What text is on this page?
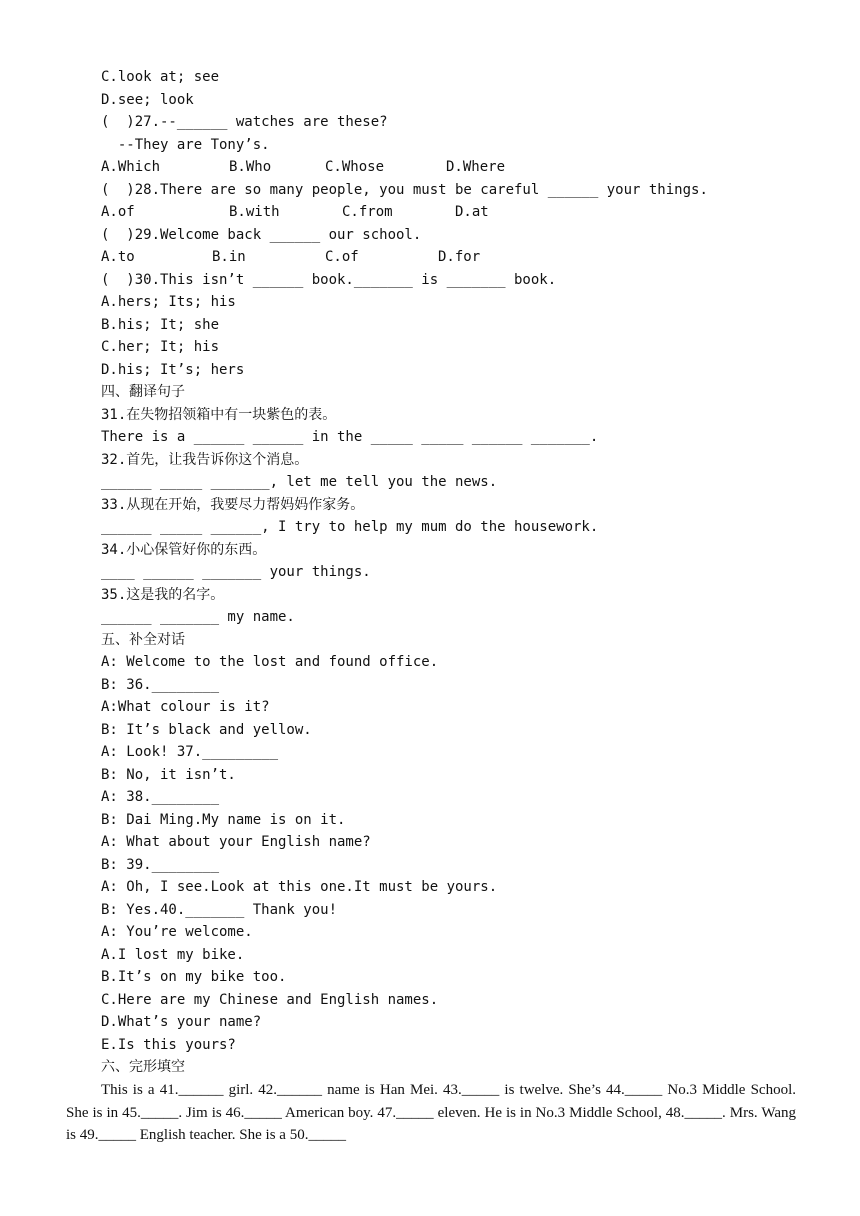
C.look at; see
D.see; look
(  )27.--______ watches are these?
--They are Tony’s.
(  )28.There are so many people, you must be careful ______ your things.
(  )29.Welcome back ______ our school.
(  )30.This isn’t ______ book._______ is _______ book.
A.hers; Its; his
B.his; It; she
C.her; It; his
D.his; It’s; hers
四、翻译句子
31.在失物招领箱中有一块紫色的表。
There is a ______ ______ in the _____ _____ ______ _______.
32.首先，让我告诉你这个消息。
______ _____ _______, let me tell you the news.
33.从现在开始，我要尽力帮妈妈作家务。
______ _____ ______, I try to help my mum do the housework.
34.小心保管好你的东西。
____ ______ _______ your things.
35.这是我的名字。
______ _______ my name.
五、补全对话
A: Welcome to the lost and found office.
B: 36.________
A:What colour is it?
B: It’s black and yellow.
A: Look! 37._________
B: No, it isn’t.
A: 38.________
B: Dai Ming.My name is on it.
A: What about your English name?
B: 39.________
A: Oh, I see.Look at this one.It must be yours.
B: Yes.40._______ Thank you!
A: You’re welcome.
A.I lost my bike.
B.It’s on my bike too.
C.Here are my Chinese and English names.
D.What’s your name?
E.Is this yours?
六、完形填空
A.Which	B.Who	C.Whose	D.Where
A.of	B.with	C.from	D.at
A.to	B.in	C.of	D.for
This is a 41.______ girl. 42.______ name is Han Mei. 43._____ is twelve. She’s 44._____ No.3 Middle School. She is in 45._____. Jim is 46._____ American boy. 47._____ eleven. He is in No.3 Middle School, 48._____. Mrs. Wang is 49._____ English teacher. She is a 50._____
